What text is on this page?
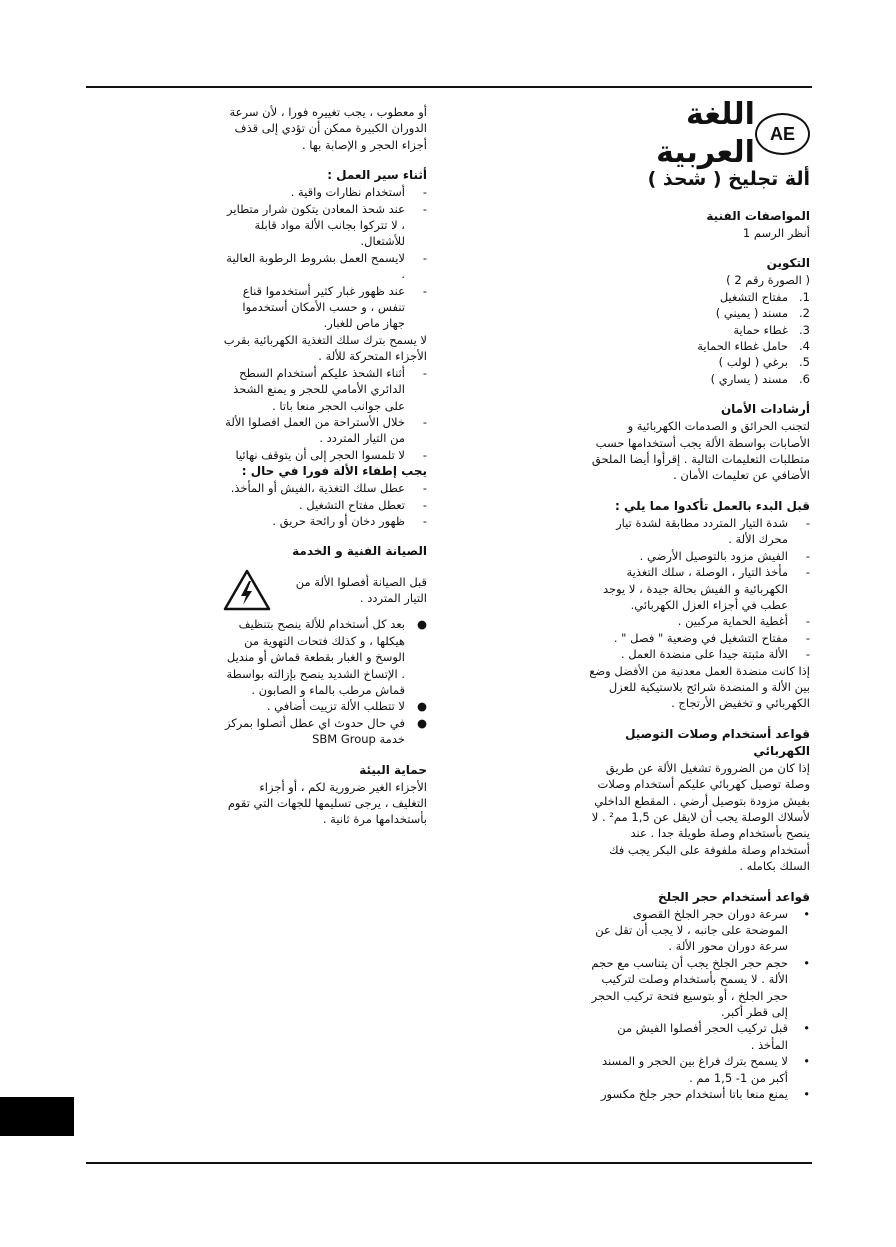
AE
اللغة العربية
ألة تجليخ ( شحذ )
المواصفات الفنية

أنظر الرسم 1

التكوين

( الصورة رقم 2 )

1.
مفتاح التشغيل
2.
مسند ( يميني )
3.
غطاء حماية
4.
حامل غطاء الحماية
5.
برغي ( لولب )
6.
مسند ( يساري )
أرشادات الأمان

لتجنب الحرائق و الصدمات الكهربائية و الأصابات بواسطة الألة يجب أستخدامها حسب متطلبات التعليمات التالية . إقرأوا أيضا الملحق الأضافي عن تعليمات الأمان .

قبل البدء بالعمل تأكدوا مما يلي :
-
شدة التيار المتردد مطابقة لشدة تيار محرك الألة .
-
الفيش مزود بالتوصيل الأرضي .
-
مأخذ التيار ، الوصلة ، سلك التغذية الكهربائية و الفيش بحالة جيدة ، لا يوجد عطب في أجزاء العزل الكهربائي.
-
أغطية الحماية مركبين .
-
مفتاح التشغيل في وضعية " فصل " .
-
الألة مثبتة جيدا على منضدة العمل .

إذا كانت منضدة العمل معدنية من الأفضل وضع بين الألة و المنضدة شرائح بلاستيكية للعزل الكهربائي و تخفيض الأرتجاج .

قواعد أستخدام وصلات التوصيل الكهربائي

إذا كان من الضرورة تشغيل الألة عن طريق وصلة توصيل كهربائي عليكم أستخدام وصلات بفيش مزودة بتوصيل أرضي . المقطع الداخلي لأسلاك الوصلة يجب أن لايقل عن 1,5 مم² . لا ينصح بأستخدام وصلة طويلة جدا . عند أستخدام وصلة ملفوفة على البكر يجب فك السلك بكامله .

قواعد أستخدام حجر الجلخ
•
سرعة دوران حجر الجلخ القصوى الموضحة على جانبه ، لا يجب أن تقل عن سرعة دوران محور الألة .
•
حجم حجر الجلخ يجب أن يتناسب مع حجم الألة . لا يسمح بأستخدام وصلت لتركيب حجر الجلخ ، أو بتوسيع فتحة تركيب الحجر إلى قطر أكبر.
•
قبل تركيب الحجر أفصلوا الفيش من المأخذ .
•
لا يسمح بترك فراغ بين الحجر و المسند أكبر من 1- 1,5 مم .
•
يمنع منعا باتا أستخدام حجر جلخ مكسور

أو معطوب ، يجب تغييره فورا ، لأن سرعة الدوران الكبيرة ممكن أن تؤدي إلى قذف أجزاء الحجر و الإصابة بها .

أثناء سير العمل :
-
أستخدام نظارات واقية .
-
عند شحذ المعادن يتكون شرار متطاير ، لا تتركوا بجانب الألة مواد قابلة للأشتعال.
-
لايسمح العمل بشروط الرطوبة العالية .
-
عند ظهور غبار كثير أستخدموا قناع تنفس ، و حسب الأمكان أستخدموا جهاز ماص للغبار.

لا يسمح بترك سلك التغذية الكهربائية بقرب الأجزاء المتحركة للألة .

-
أثناء الشحذ عليكم أستخدام السطح الدائري الأمامي للحجر و يمنع الشحذ على جوانب الحجر منعا باتا .
-
خلال الأستراحة من العمل افصلوا الألة من التيار المتردد .
-
لا تلمسوا الحجر إلى أن يتوقف نهائيا
يجب إطفاء الألة فورا في حال :
-
عطل سلك التغذية ،الفيش أو المأخذ.
-
تعطل مفتاح التشغيل .
-
ظهور دخان أو رائحة حريق .
الصيانة الفنية و الخدمة
قبل الصيانة أفصلوا الألة من التيار المتردد .
●
بعد كل أستخدام للألة ينصح بتنظيف هيكلها ، و كذلك فتحات التهوية من الوسخ و الغبار بقطعة قماش أو منديل . الإتساخ الشديد ينصح بإزالته بواسطة قماش مرطب بالماء و الصابون .
●
لا تتطلب الألة تزييت أضافي .
●
في حال حدوث اي عطل أتصلوا بمركز خدمة SBM Group
حماية البيئة

الأجزاء الغير ضرورية لكم ، أو أجزاء التغليف ، يرجى تسليمها للجهات التي تقوم بأستخدامها مرة ثانية .
